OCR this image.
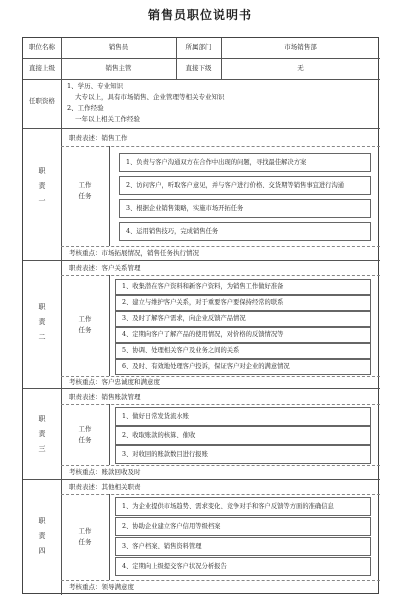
销售员职位说明书
职位名称	销售员	所属部门	市场销售部
直接上级	销售主管	直接下级	无
任职资格
1、学历、专业知识
大专以上，具有市场销售、企业管理等相关专业知识
2、工作经验
一年以上相关工作经验
职
责
一
职责表述：销售工作
工作
任务
1、负责与客户沟通双方在合作中出现的问题，寻找最佳解决方案
2、访问客户，听取客户意见，并与客户进行价格、交货期等销售事宜进行沟通
3、根据企业销售策略，实施市场开拓任务
4、运用销售技巧，完成销售任务
考核重点：市场拓展情况，销售任务执行情况
职
责
二
职责表述：客户关系管理
工作
任务
1、收集潜在客户资料和新客户资料，为销售工作做好准备
2、建立与维护客户关系，对于重要客户要保持经常的联系
3、及时了解客户需求，向企业反馈产品情况
4、定期向客户了解产品的使用情况，对价格的反馈情况等
5、协调、处理相关客户及业务之间的关系
6、及时、有效地处理客户投诉，保证客户对企业的满意情况
考核重点：客户忠诚度和满意度
职
责
三
职责表述：销售账款管理
工作
任务
1、做好日常发货流水账
2、收取账款的核算、催收
3、对收回的账款数目进行报账
考核重点：账款回收及时
职
责
四
职责表述：其他相关职责
工作
任务
1、为企业提供市场趋势、需求变化、竞争对手和客户反馈等方面的准确信息
2、协助企业建立客户信用等级档案
3、客户档案、销售资料管理
4、定期向上级提交客户状况分析报告
考核重点：领导满意度
